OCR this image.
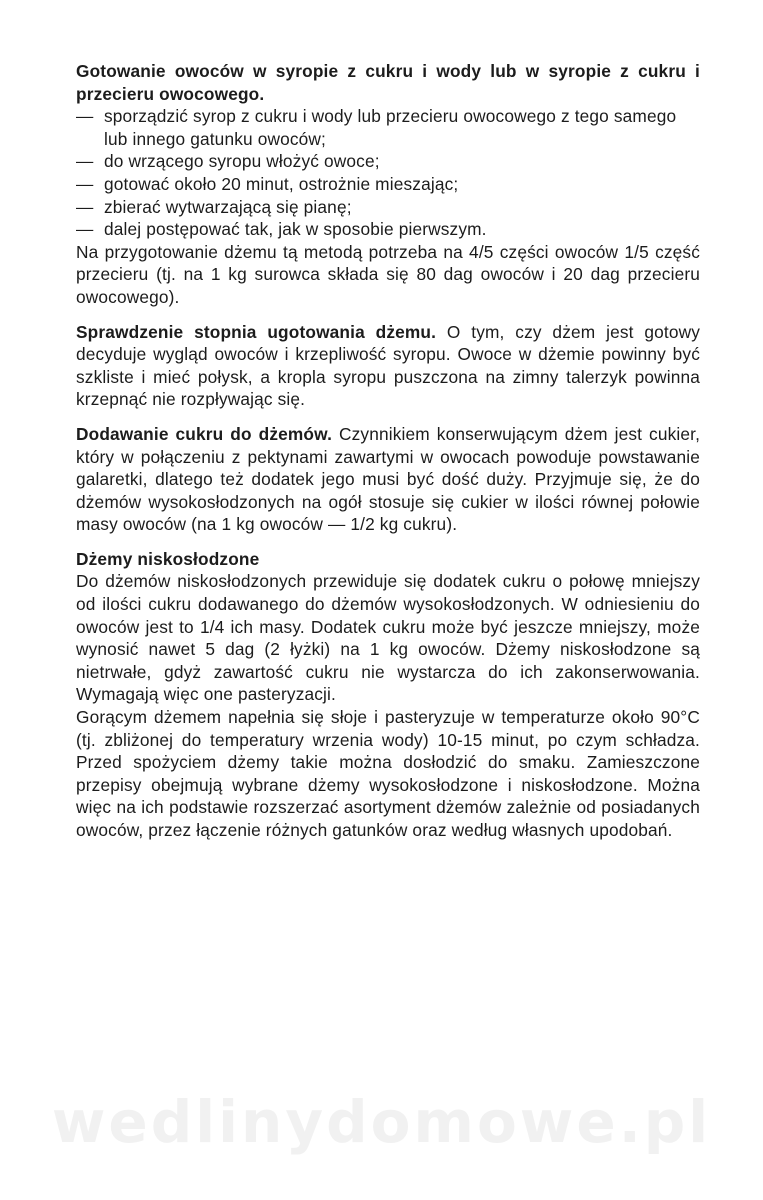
Gotowanie owoców w syropie z cukru i wody lub w syropie z cukru i przecieru owocowego.

— sporządzić syrop z cukru i wody lub przecieru owocowego z tego samego lub innego gatunku owoców;
— do wrzącego syropu włożyć owoce;
— gotować około 20 minut, ostrożnie mieszając;
— zbierać wytwarzającą się pianę;
— dalej postępować tak, jak w sposobie pierwszym.

Na przygotowanie dżemu tą metodą potrzeba na 4/5 części owoców 1/5 część przecieru (tj. na 1 kg surowca składa się 80 dag owoców i 20 dag przecieru owocowego).

Sprawdzenie stopnia ugotowania dżemu. O tym, czy dżem jest gotowy decyduje wygląd owoców i krzepliwość syropu. Owoce w dżemie powinny być szkliste i mieć połysk, a kropla syropu puszczona na zimny talerzyk powinna krzepnąć nie rozpływając się.

Dodawanie cukru do dżemów. Czynnikiem konserwującym dżem jest cukier, który w połączeniu z pektynami zawartymi w owocach powoduje powstawanie galaretki, dlatego też dodatek jego musi być dość duży. Przyjmuje się, że do dżemów wysokosłodzonych na ogół stosuje się cukier w ilości równej połowie masy owoców (na 1 kg owoców — 1/2 kg cukru).

Dżemy niskosłodzone

Do dżemów niskosłodzonych przewiduje się dodatek cukru o połowę mniejszy od ilości cukru dodawanego do dżemów wysokosłodzonych. W odniesieniu do owoców jest to 1/4 ich masy. Dodatek cukru może być jeszcze mniejszy, może wynosić nawet 5 dag (2 łyżki) na 1 kg owoców. Dżemy niskosłodzone są nietrwałe, gdyż zawartość cukru nie wystarcza do ich zakonserwowania. Wymagają więc one pasteryzacji.

Gorącym dżemem napełnia się słoje i pasteryzuje w temperaturze około 90°C (tj. zbliżonej do temperatury wrzenia wody) 10-15 minut, po czym schładza. Przed spożyciem dżemy takie można dosłodzić do smaku. Zamieszczone przepisy obejmują wybrane dżemy wysokosłodzone i niskosłodzone. Można więc na ich podstawie rozszerzać asortyment dżemów zależnie od posiadanych owoców, przez łączenie różnych gatunków oraz według własnych upodobań.

wedlinydomowe.pl
